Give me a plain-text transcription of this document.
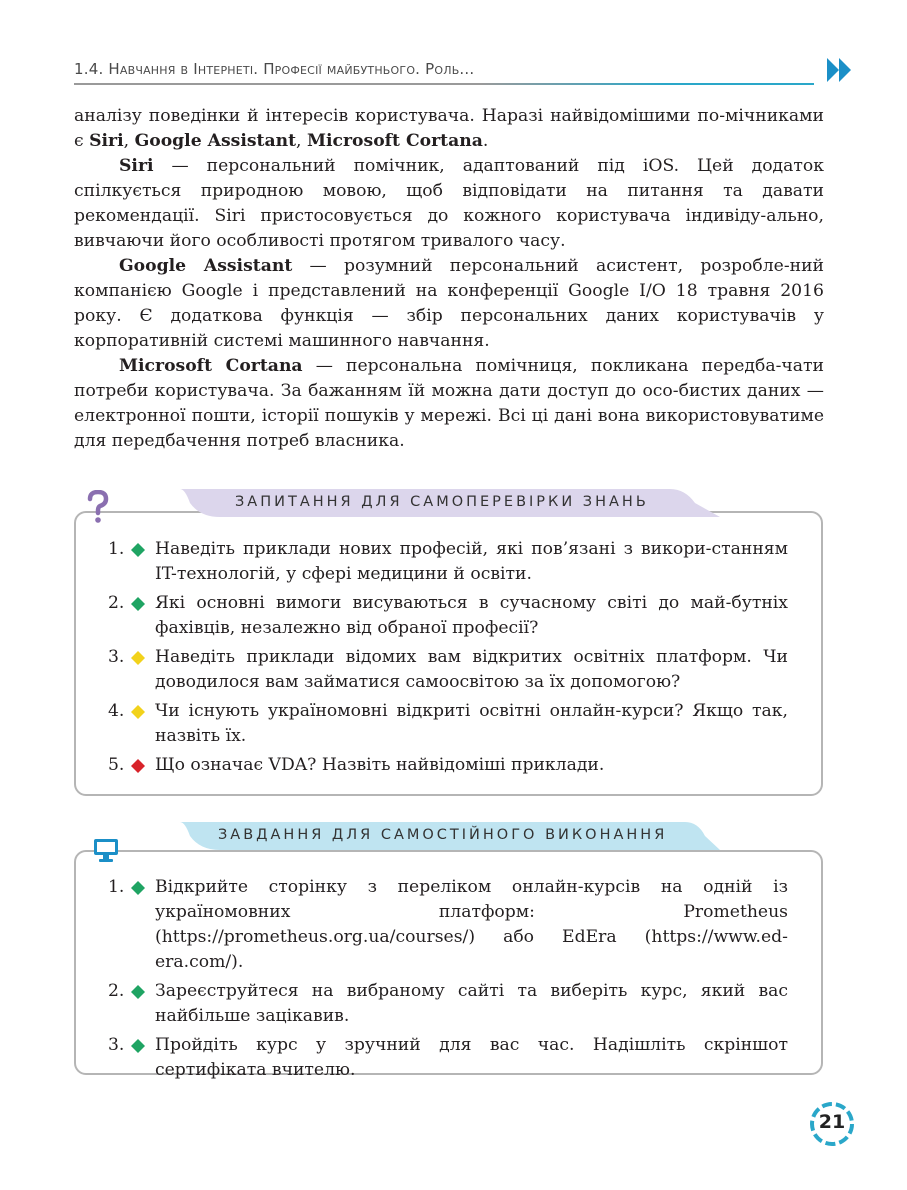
1.4. Навчання в Інтернеті. Професії майбутнього. Роль...

аналізу поведінки й інтересів користувача. Наразі найвідомішими по-мічниками є Siri, Google Assistant, Microsoft Cortana.

Siri — персональний помічник, адаптований під iOS. Цей додаток спілкується природною мовою, щоб відповідати на питання та давати рекомендації. Siri пристосовується до кожного користувача індивіду-ально, вивчаючи його особливості протягом тривалого часу.

Google Assistant — розумний персональний асистент, розробле-ний компанією Google і представлений на конференції Google I/O 18 травня 2016 року. Є додаткова функція — збір персональних даних користувачів у корпоративній системі машинного навчання.

Microsoft Cortana — персональна помічниця, покликана передба-чати потреби користувача. За бажанням їй можна дати доступ до осо-бистих даних — електронної пошти, історії пошуків у мережі. Всі ці дані вона використовуватиме для передбачення потреб власника.

ЗАПИТАННЯ ДЛЯ САМОПЕРЕВІРКИ ЗНАНЬ
1. Наведіть приклади нових професій, які пов’язані з викори-станням IT-технологій, у сфері медицини й освіти.
2. Які основні вимоги висуваються в сучасному світі до май-бутніх фахівців, незалежно від обраної професії?
3. Наведіть приклади відомих вам відкритих освітніх платформ. Чи доводилося вам займатися самоосвітою за їх допомогою?
4. Чи існують україномовні відкриті освітні онлайн-курси? Якщо так, назвіть їх.
5. Що означає VDA? Назвіть найвідоміші приклади.
ЗАВДАННЯ ДЛЯ САМОСТІЙНОГО ВИКОНАННЯ
1. Відкрийте сторінку з переліком онлайн-курсів на одній із україномовних платформ: Prometheus (https://prometheus.org.ua/courses/) або EdEra (https://www.ed-era.com/).
2. Зареєструйтеся на вибраному сайті та виберіть курс, який вас найбільше зацікавив.
3. Пройдіть курс у зручний для вас час. Надішліть скріншот сертифіката вчителю.
21
